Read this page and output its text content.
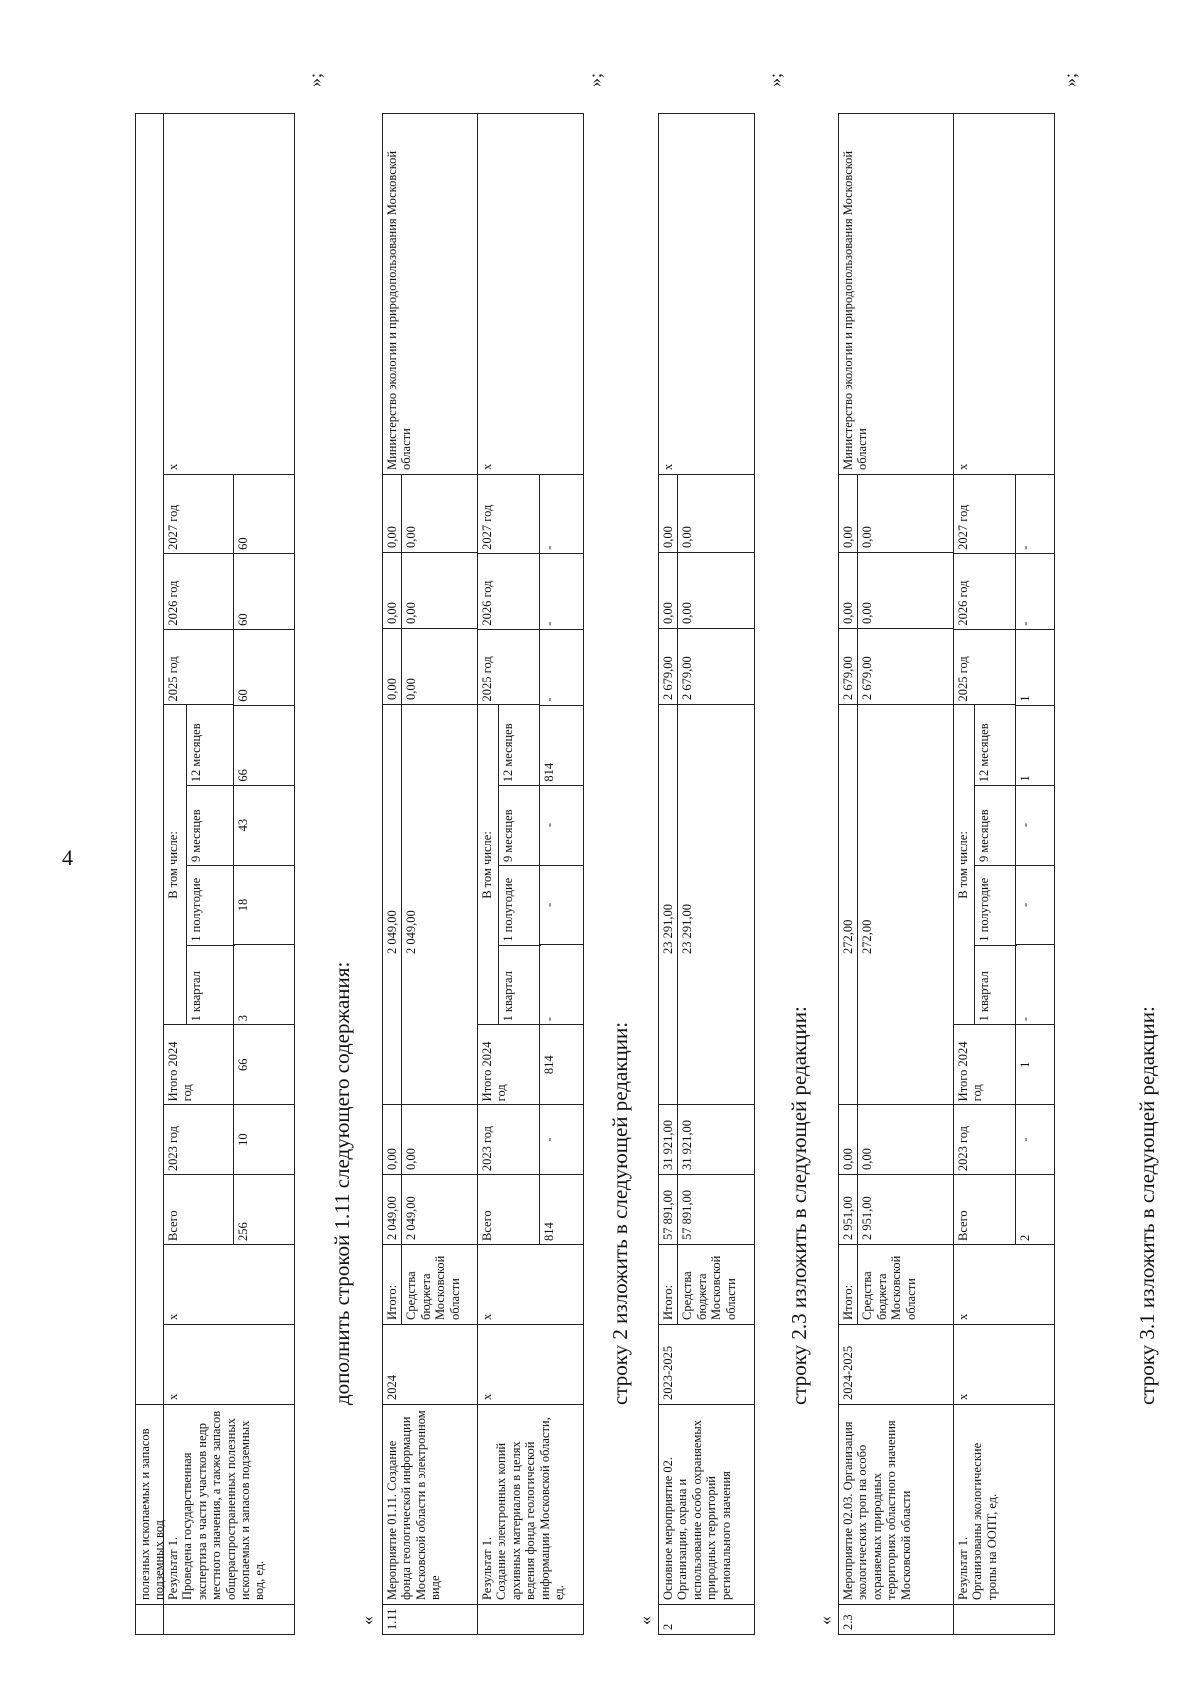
4
полезных ископаемых и запасов подземных вод Результат 1. Проведена государственная экспертиза в части участков недр местного значения, а также запасов общераспространенных полезных ископаемых и запасов подземных вод, ед.
х
х
Всего
2023 год
Итого 2024 год
В том числе:
1 квартал
1 полугодие
9 месяцев
12 месяцев
2025 год
2026 год
2027 год
256
10
66
3
18
43
66
60
60
60
х
»;
дополнить строкой 1.11 следующего содержания:
« 1.11
Мероприятие 01.11. Создание фонда геологической информации Московской области в электронном виде
2024
Итого: Средства бюджета Московской области
2 049,00 2 049,00
0,00 0,00
2 049,00 2 049,00
0,00 0,00
0,00 0,00
0,00 0,00
Министерство экологии и природопользования Московской области
Результат 1. Создание электронных копий архивных материалов в целях ведения фонда геологической информации Московской области, ед.
х
х
Всего
2023 год
Итого 2024 год
В том числе:
1 квартал
1 полугодие
9 месяцев
12 месяцев
2025 год
2026 год
2027 год
814
-
814
-
-
-
814
-
-
-
х
»;
строку 2 изложить в следующей редакции:
«
2
Основное мероприятие 02. Организация, охрана и использование особо охраняемых природных территорий регионального значения
2023-2025
Итого: Средства бюджета Московской области
57 891,00 57 891,00
31 921,00 31 921,00
23 291,00 23 291,00
2 679,00 2 679,00
0,00 0,00
0,00 0,00
х
»;
строку 2.3 изложить в следующей редакции:
« 2.3
Мероприятие 02.03. Организация экологических троп на особо охраняемых природных территориях областного значения Московской области
2024-2025
Итого: Средства бюджета Московской области
2 951,00 2 951,00
0,00 0,00
272,00 272,00
2 679,00 2 679,00
0,00 0,00
0,00 0,00
Министерство экологии и природопользования Московской области
Результат 1. Организованы экологические тропы на ООПТ, ед.
х
х
Всего
2023 год
Итого 2024 год
В том числе:
1 квартал
1 полугодие
9 месяцев
12 месяцев
2025 год
2026 год
2027 год
2
-
1
-
-
-
1
1
-
-
х
»;
строку 3.1 изложить в следующей редакции:
